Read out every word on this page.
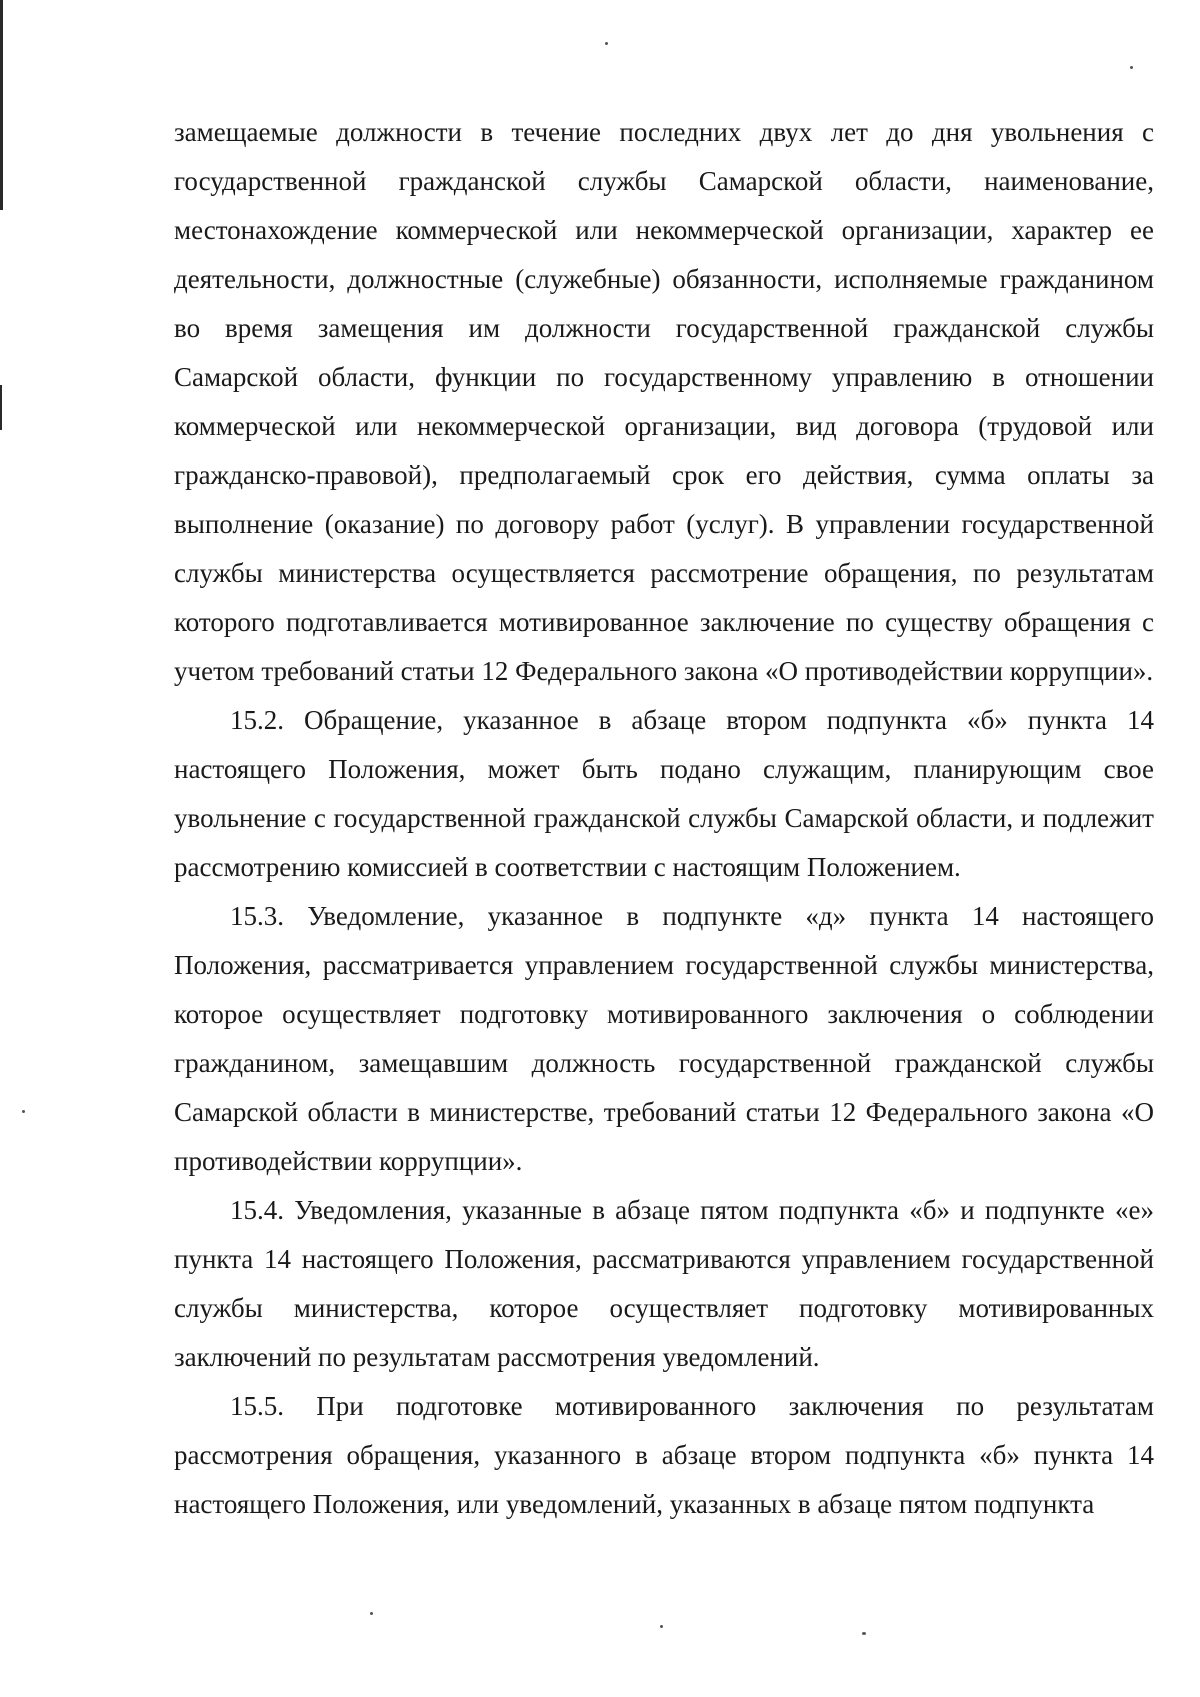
замещаемые должности в течение последних двух лет до дня увольнения с государственной гражданской службы Самарской области, наименование, местонахождение коммерческой или некоммерческой организации, характер ее деятельности, должностные (служебные) обязанности, исполняемые гражданином во время замещения им должности государственной гражданской службы Самарской области, функции по государственному управлению в отношении коммерческой или некоммерческой организации, вид договора (трудовой или гражданско-правовой), предполагаемый срок его действия, сумма оплаты за выполнение (оказание) по договору работ (услуг). В управлении государственной службы министерства осуществляется рассмотрение обращения, по результатам которого подготавливается мотивированное заключение по существу обращения с учетом требований статьи 12 Федерального закона «О противодействии коррупции».

15.2. Обращение, указанное в абзаце втором подпункта «б» пункта 14 настоящего Положения, может быть подано служащим, планирующим свое увольнение с государственной гражданской службы Самарской области, и подлежит рассмотрению комиссией в соответствии с настоящим Положением.

15.3. Уведомление, указанное в подпункте «д» пункта 14 настоящего Положения, рассматривается управлением государственной службы министерства, которое осуществляет подготовку мотивированного заключения о соблюдении гражданином, замещавшим должность государственной гражданской службы Самарской области в министерстве, требований статьи 12 Федерального закона «О противодействии коррупции».

15.4. Уведомления, указанные в абзаце пятом подпункта «б» и подпункте «е» пункта 14 настоящего Положения, рассматриваются управлением государственной службы министерства, которое осуществляет подготовку мотивированных заключений по результатам рассмотрения уведомлений.

15.5. При подготовке мотивированного заключения по результатам рассмотрения обращения, указанного в абзаце втором подпункта «б» пункта 14 настоящего Положения, или уведомлений, указанных в абзаце пятом подпункта
